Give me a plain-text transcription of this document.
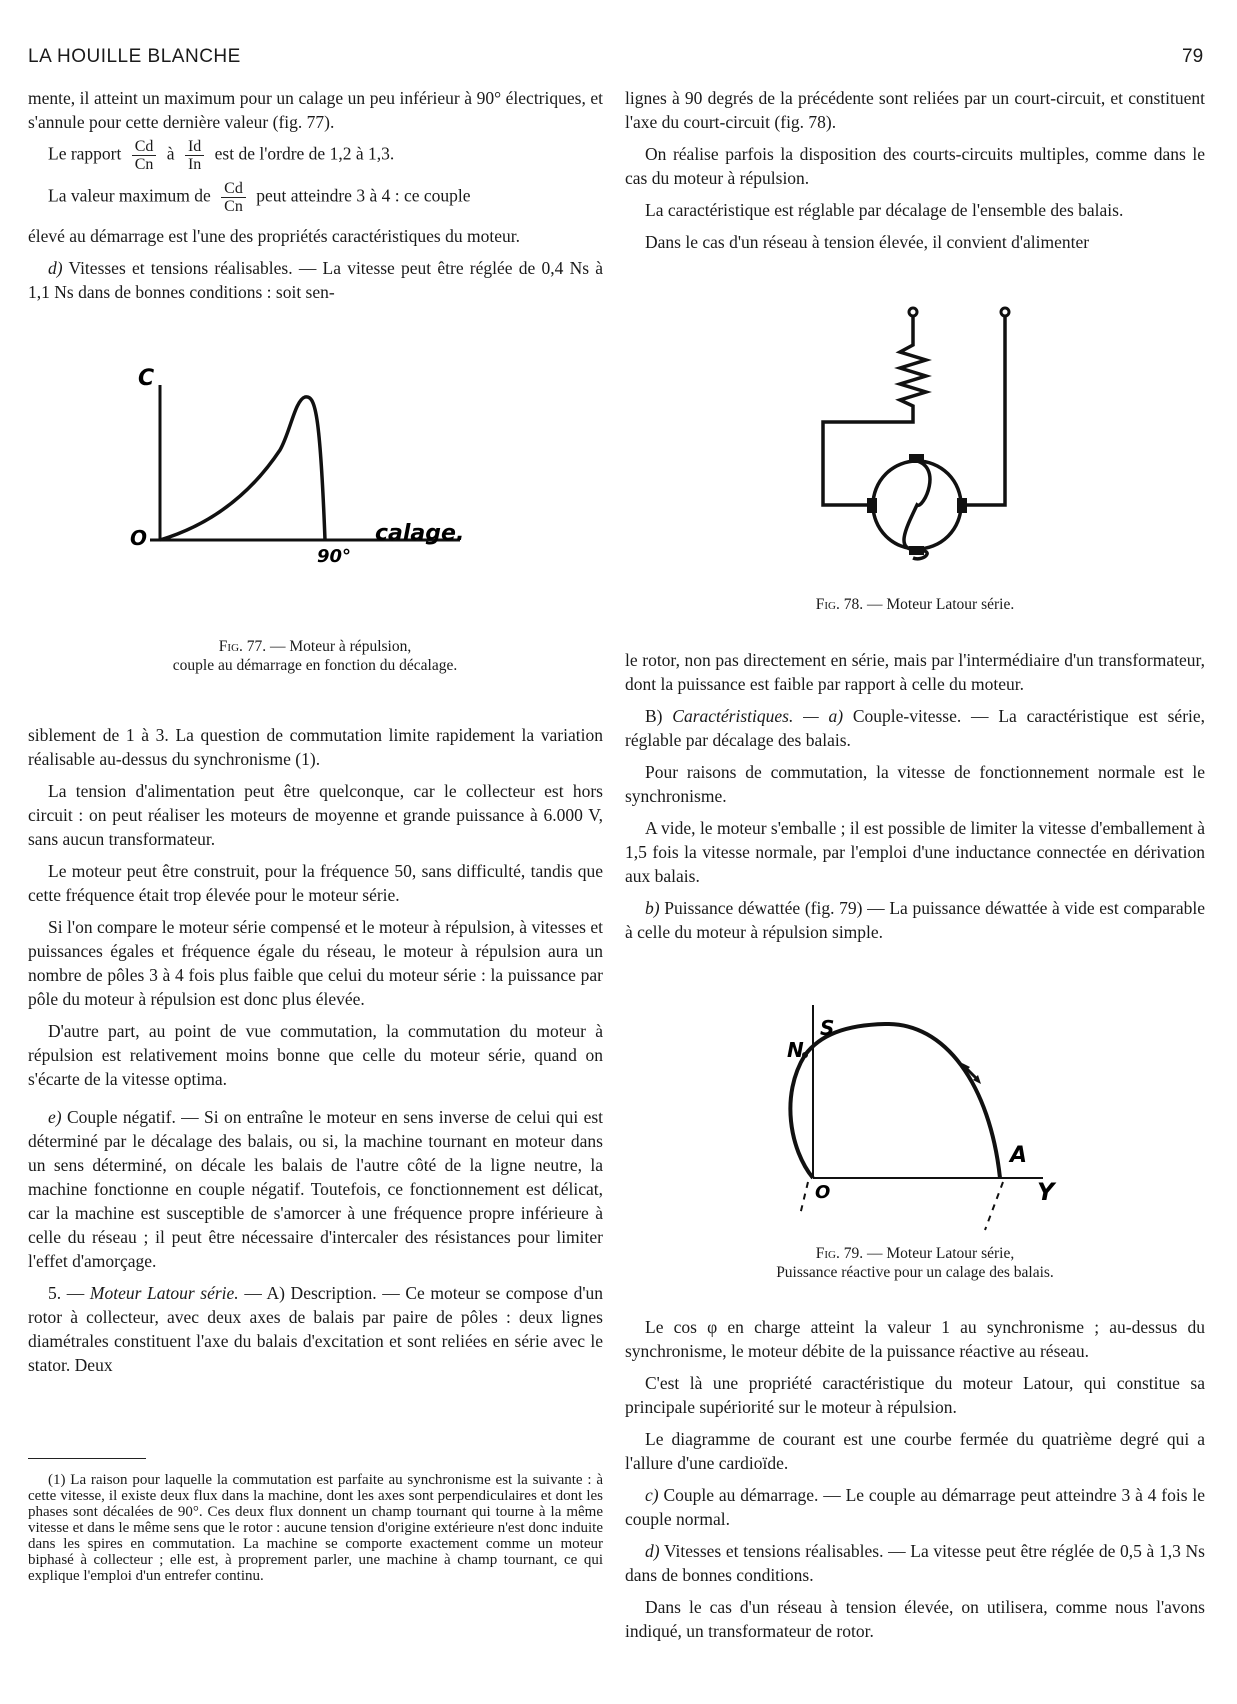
LA HOUILLE BLANCHE	79

mente, il atteint un maximum pour un calage un peu inférieur à 90° électriques, et s'annule pour cette dernière valeur (fig. 77).

Le rapport $\frac{Cd}{Cn}$ à $\frac{Id}{In}$ est de l'ordre de 1,2 à 1,3.
La valeur maximum de $\frac{Cd}{Cn}$ peut atteindre 3 à 4 : ce couple

élevé au démarrage est l'une des propriétés caractéristiques du moteur.

d) Vitesses et tensions réalisables. — La vitesse peut être réglée de 0,4 Ns à 1,1 Ns dans de bonnes conditions : soit sen-

C
O	calage.
90°
Fig. 77. — Moteur à répulsion,
couple au démarrage en fonction du décalage.

siblement de 1 à 3. La question de commutation limite rapidement la variation réalisable au-dessus du synchronisme (1).

La tension d'alimentation peut être quelconque, car le collecteur est hors circuit : on peut réaliser les moteurs de moyenne et grande puissance à 6.000 V, sans aucun transformateur.

Le moteur peut être construit, pour la fréquence 50, sans difficulté, tandis que cette fréquence était trop élevée pour le moteur série.

Si l'on compare le moteur série compensé et le moteur à répulsion, à vitesses et puissances égales et fréquence égale du réseau, le moteur à répulsion aura un nombre de pôles 3 à 4 fois plus faible que celui du moteur série : la puissance par pôle du moteur à répulsion est donc plus élevée.

D'autre part, au point de vue commutation, la commutation du moteur à répulsion est relativement moins bonne que celle du moteur série, quand on s'écarte de la vitesse optima.

e) Couple négatif. — Si on entraîne le moteur en sens inverse de celui qui est déterminé par le décalage des balais, ou si, la machine tournant en moteur dans un sens déterminé, on décale les balais de l'autre côté de la ligne neutre, la machine fonctionne en couple négatif. Toutefois, ce fonctionnement est délicat, car la machine est susceptible de s'amorcer à une fréquence propre inférieure à celle du réseau ; il peut être nécessaire d'intercaler des résistances pour limiter l'effet d'amorçage.

5. — Moteur Latour série. — A) Description. — Ce moteur se compose d'un rotor à collecteur, avec deux axes de balais par paire de pôles : deux lignes diamétrales constituent l'axe du balais d'excitation et sont reliées en série avec le stator. Deux

(1) La raison pour laquelle la commutation est parfaite au synchronisme est la suivante : à cette vitesse, il existe deux flux dans la machine, dont les axes sont perpendiculaires et dont les phases sont décalées de 90°. Ces deux flux donnent un champ tournant qui tourne à la même vitesse et dans le même sens que le rotor : aucune tension d'origine extérieure n'est donc induite dans les spires en commutation. La machine se comporte exactement comme un moteur biphasé à collecteur ; elle est, à proprement parler, une machine à champ tournant, ce qui explique l'emploi d'un entrefer continu.

lignes à 90 degrés de la précédente sont reliées par un court-circuit, et constituent l'axe du court-circuit (fig. 78).

On réalise parfois la disposition des courts-circuits multiples, comme dans le cas du moteur à répulsion.

La caractéristique est réglable par décalage de l'ensemble des balais.

Dans le cas d'un réseau à tension élevée, il convient d'alimenter

Fig. 78. — Moteur Latour série.

le rotor, non pas directement en série, mais par l'intermédiaire d'un transformateur, dont la puissance est faible par rapport à celle du moteur.

B) Caractéristiques. — a) Couple-vitesse. — La caractéristique est série, réglable par décalage des balais.

Pour raisons de commutation, la vitesse de fonctionnement normale est le synchronisme.

A vide, le moteur s'emballe ; il est possible de limiter la vitesse d'emballement à 1,5 fois la vitesse normale, par l'emploi d'une inductance connectée en dérivation aux balais.

b) Puissance déwattée (fig. 79) — La puissance déwattée à vide est comparable à celle du moteur à répulsion simple.

N
S
A
O	Y
Fig. 79. — Moteur Latour série,
Puissance réactive pour un calage des balais.

Le cos φ en charge atteint la valeur 1 au synchronisme ; au-dessus du synchronisme, le moteur débite de la puissance réactive au réseau.

C'est là une propriété caractéristique du moteur Latour, qui constitue sa principale supériorité sur le moteur à répulsion.

Le diagramme de courant est une courbe fermée du quatrième degré qui a l'allure d'une cardioïde.

c) Couple au démarrage. — Le couple au démarrage peut atteindre 3 à 4 fois le couple normal.

d) Vitesses et tensions réalisables. — La vitesse peut être réglée de 0,5 à 1,3 Ns dans de bonnes conditions.

Dans le cas d'un réseau à tension élevée, on utilisera, comme nous l'avons indiqué, un transformateur de rotor.
